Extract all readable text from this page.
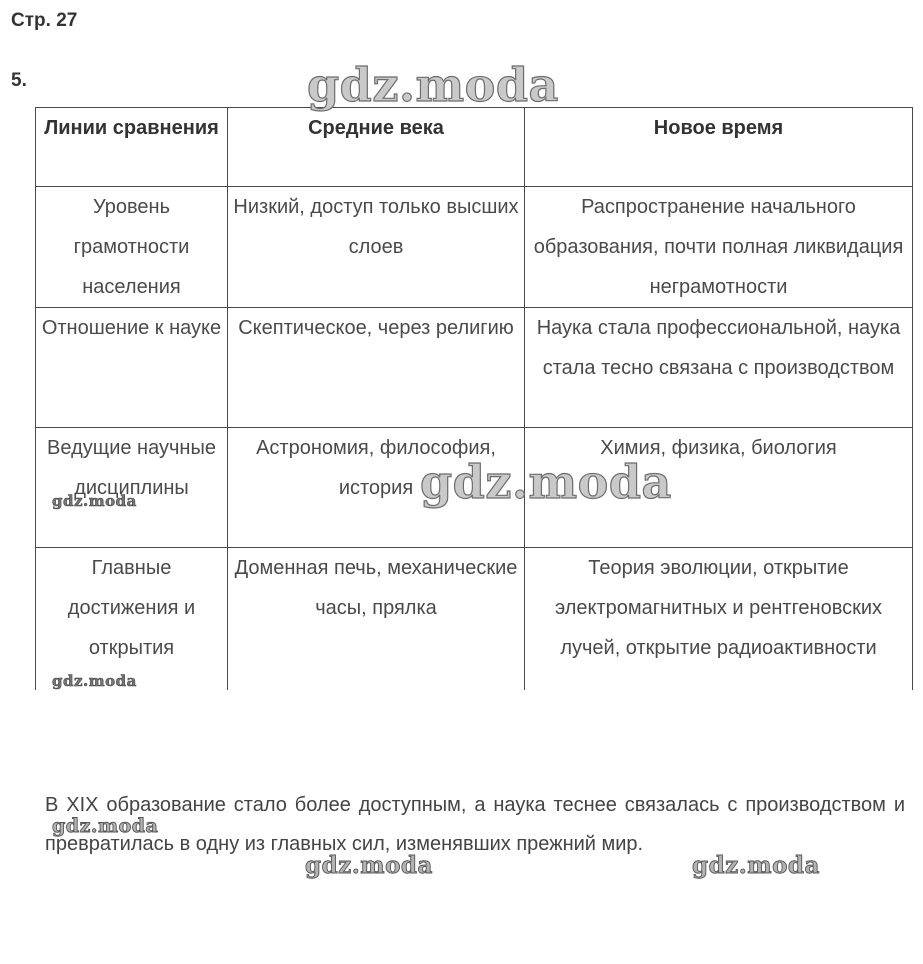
Стр. 27
5.
Линии сравнения	Средние века	Новое время
Уровень грамотности населения	Низкий, доступ только высших слоев	Распространение начального образования, почти полная ликвидация неграмотности
Отношение к науке	Скептическое, через религию	Наука стала профессиональной, наука стала тесно связана с производством
Ведущие научные дисциплины	Астрономия, философия, история	Химия, физика, биология
Главные достижения и открытия	Доменная печь, механические часы, прялка	Теория эволюции, открытие электромагнитных и рентгеновских лучей, открытие радиоактивности
В XIX образование стало более доступным, а наука теснее связалась с производством и превратилась в одну из главных сил, изменявших прежний мир.
gdz.moda
gdz.moda
gdz.moda
gdz.moda
gdz.moda
gdz.moda	gdz.moda
